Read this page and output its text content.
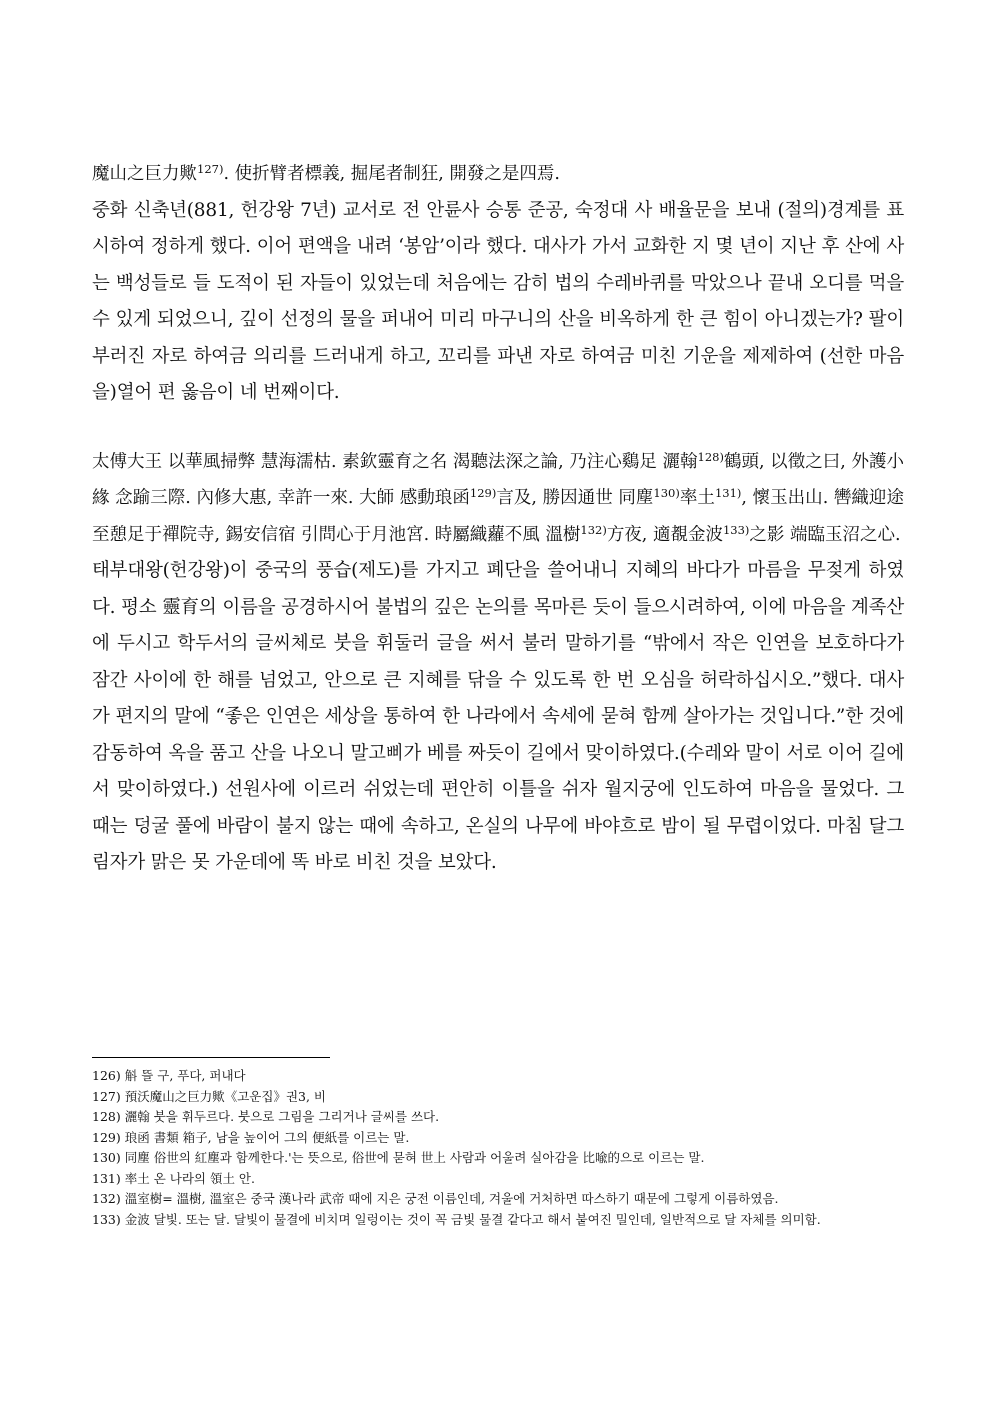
魔山之巨力歟$^{127)}$. 使折臂者標義, 掘尾者制狂, 開發之是四焉.

중화 신축년(881, 헌강왕 7년) 교서로 전 안륜사 승통 준공, 숙정대 사 배율문을 보내 (절의)경계를 표시하여 정하게 했다. 이어 편액을 내려 ‘봉암’이라 했다. 대사가 가서 교화한 지 몇 년이 지난 후 산에 사는 백성들로 들 도적이 된 자들이 있었는데 처음에는 감히 법의 수레바퀴를 막았으나 끝내 오디를 먹을 수 있게 되었으니, 깊이 선정의 물을 퍼내어 미리 마구니의 산을 비옥하게 한 큰 힘이 아니겠는가? 팔이 부러진 자로 하여금 의리를 드러내게 하고, 꼬리를 파낸 자로 하여금 미친 기운을 제제하여 (선한 마음을)열어 편 옳음이 네 번째이다.

太傅大王 以華風掃弊 慧海濡枯. 素欽靈育之名 渴聽法深之論, 乃注心鷄足 灑翰$^{128)}$鶴頭, 以徵之曰, 外護小緣 念踰三際. 內修大惠, 幸許一來. 大師 感動琅函$^{129)}$言及, 勝因通世 同塵$^{130)}$率土$^{131)}$, 懷玉出山. 轡織迎途 至憩足于禪院寺, 錫安信宿 引問心于月池宮. 時屬織蘿不風 溫樹$^{132)}$方夜, 適覩金波$^{133)}$之影 端臨玉沼之心.

태부대왕(헌강왕)이 중국의 풍습(제도)를 가지고 폐단을 쓸어내니 지혜의 바다가 마름을 무젖게 하였다. 평소 靈育의 이름을 공경하시어 불법의 깊은 논의를 목마른 듯이 들으시려하여, 이에 마음을 계족산에 두시고 학두서의 글씨체로 붓을 휘둘러 글을 써서 불러 말하기를 “밖에서 작은 인연을 보호하다가 잠간 사이에 한 해를 넘었고, 안으로 큰 지혜를 닦을 수 있도록 한 번 오심을 허락하십시오.”했다. 대사가 편지의 말에 “좋은 인연은 세상을 통하여 한 나라에서 속세에 묻혀 함께 살아가는 것입니다.”한 것에 감동하여 옥을 품고 산을 나오니 말고삐가 베를 짜듯이 길에서 맞이하였다.(수레와 말이 서로 이어 길에서 맞이하였다.) 선원사에 이르러 쉬었는데 편안히 이틀을 쉬자 월지궁에 인도하여 마음을 물었다. 그 때는 덩굴 풀에 바람이 불지 않는 때에 속하고, 온실의 나무에 바야흐로 밤이 될 무렵이었다. 마침 달그림자가 맑은 못 가운데에 똑 바로 비친 것을 보았다.

126) 斛 뜰 구, 푸다, 퍼내다

127) 預沃魔山之巨力歟《고운집》권3, 비

128) 灑翰 붓을 휘두르다. 붓으로 그림을 그리거나 글씨를 쓰다.

129) 琅函 書類 箱子, 남을 높이어 그의 便紙를 이르는 말.

130) 同塵 俗世의 紅塵과 함께한다.'는 뜻으로, 俗世에 묻혀 世上 사람과 어울려 실아감을 比喩的으로 이르는 말.

131) 率土 온 나라의 領土 안.

132) 溫室樹= 溫樹, 溫室은 중국 漢나라 武帝 때에 지은 궁전 이름인데, 겨울에 거처하면 따스하기 때문에 그렇게 이름하였음.

133) 金波 달빛. 또는 달. 달빛이 물결에 비치며 일렁이는 것이 꼭 금빛 물결 같다고 해서 붙여진 밀인데, 일반적으로 달 자체를 의미함.
